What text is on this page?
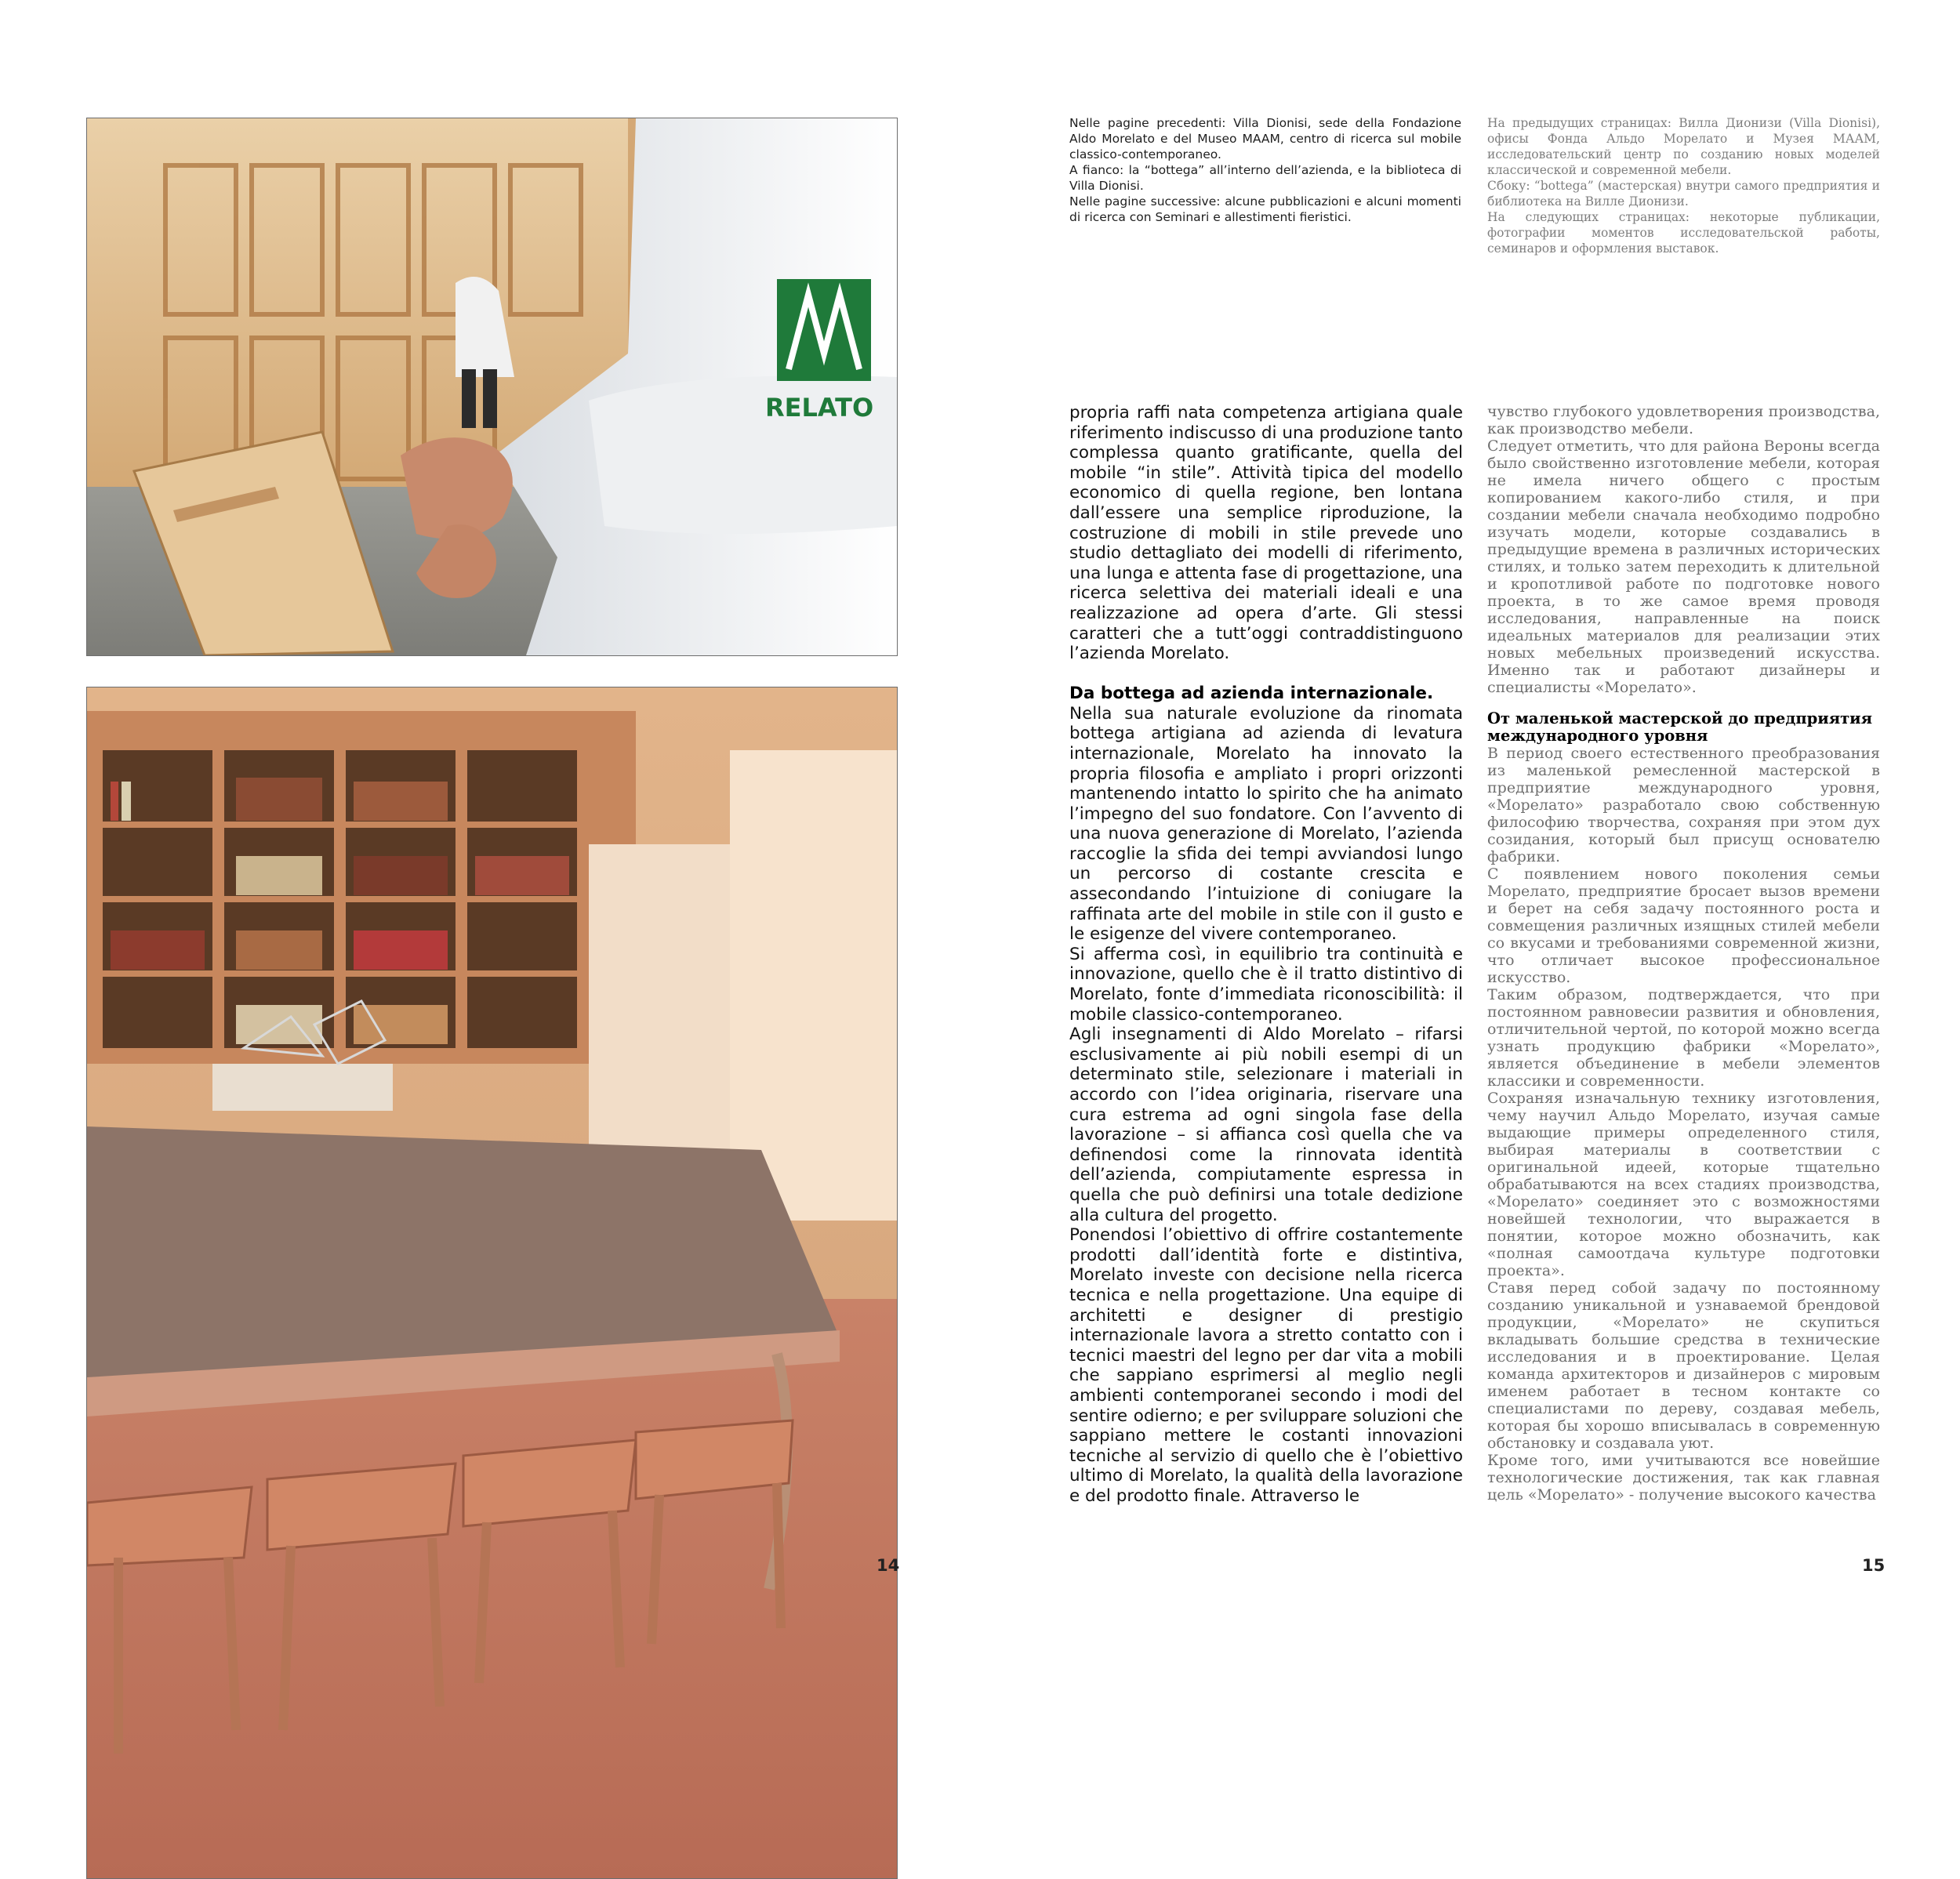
RELATO

Nelle pagine precedenti: Villa Dionisi, sede della Fondazione Aldo Morelato e del Museo MAAM, centro di ricerca sul mobile classico-contemporaneo.

A fianco: la “bottega” all’interno dell’azienda, e la biblioteca di Villa Dionisi.

Nelle pagine successive: alcune pubblicazioni e alcuni momenti di ricerca con Seminari e allestimenti fieristici.

На предыдущих страницах: Вилла Дионизи (Villa Dionisi), офисы Фонда Альдо Морелато и Музея МААМ, исследовательский центр по созданию новых моделей классической и современной мебели.

Сбоку: “bottega” (мастерская) внутри самого предприятия и библиотека на Вилле Дионизи.

На следующих страницах: некоторые публикации, фотографии моментов исследовательской работы, семинаров и оформления выставок.

propria raffi nata competenza artigiana quale riferimento indiscusso di una produzione tanto complessa quanto gratificante, quella del mobile “in stile”. Attività tipica del modello economico di quella regione, ben lontana dall’essere una semplice riproduzione, la costruzione di mobili in stile prevede uno studio dettagliato dei modelli di riferimento, una lunga e attenta fase di progettazione, una ricerca selettiva dei materiali ideali e una realizzazione ad opera d’arte. Gli stessi caratteri che a tutt’oggi contraddistinguono l’azienda Morelato.

Da bottega ad azienda internazionale.

Nella sua naturale evoluzione da rinomata bottega artigiana ad azienda di levatura internazionale, Morelato ha innovato la propria filosofia e ampliato i propri orizzonti mantenendo intatto lo spirito che ha animato l’impegno del suo fondatore. Con l’avvento di una nuova generazione di Morelato, l’azienda raccoglie la sfida dei tempi avviandosi lungo un percorso di costante crescita e assecondando l’intuizione di coniugare la raffinata arte del mobile in stile con il gusto e le esigenze del vivere contemporaneo.

Si afferma così, in equilibrio tra continuità e innovazione, quello che è il tratto distintivo di Morelato, fonte d’immediata riconoscibilità: il mobile classico-contemporaneo.

Agli insegnamenti di Aldo Morelato – rifarsi esclusivamente ai più nobili esempi di un determinato stile, selezionare i materiali in accordo con l’idea originaria, riservare una cura estrema ad ogni singola fase della lavorazione – si affianca così quella che va definendosi come la rinnovata identità dell’azienda, compiutamente espressa in quella che può definirsi una totale dedizione alla cultura del progetto.

Ponendosi l’obiettivo di offrire costantemente prodotti dall’identità forte e distintiva, Morelato investe con decisione nella ricerca tecnica e nella progettazione. Una equipe di architetti e designer di prestigio internazionale lavora a stretto contatto con i tecnici maestri del legno per dar vita a mobili che sappiano esprimersi al meglio negli ambienti contemporanei secondo i modi del sentire odierno; e per sviluppare soluzioni che sappiano mettere le costanti innovazioni tecniche al servizio di quello che è l’obiettivo ultimo di Morelato, la qualità della lavorazione e del prodotto finale. Attraverso le

чувство глубокого удовлетворения производства, как производство мебели.

Следует отметить, что для района Вероны всегда было свойственно изготовление мебели, которая не имела ничего общего с простым копированием какого-либо стиля, и при создании мебели сначала необходимо подробно изучать модели, которые создавались в предыдущие времена в различных исторических стилях, и только затем переходить к длительной и кропотливой работе по подготовке нового проекта, в то же самое время проводя исследования, направленные на поиск идеальных материалов для реализации этих новых мебельных произведений искусства. Именно так и работают дизайнеры и специалисты «Морелато».

От маленькой мастерской до предприятия международного уровня

В период своего естественного преобразования из маленькой ремесленной мастерской в предприятие международного уровня, «Морелато» разработало свою собственную философию творчества, сохраняя при этом дух созидания, который был присущ основателю фабрики.

С появлением нового поколения семьи Морелато, предприятие бросает вызов времени и берет на себя задачу постоянного роста и совмещения различных изящных стилей мебели со вкусами и требованиями современной жизни, что отличает высокое профессиональное искусство.

Таким образом, подтверждается, что при постоянном равновесии развития и обновления, отличительной чертой, по которой можно всегда узнать продукцию фабрики «Морелато», является объединение в мебели элементов классики и современности.

Сохраняя изначальную технику изготовления, чему научил Альдо Морелато, изучая самые выдающие примеры определенного стиля, выбирая материалы в соответствии с оригинальной идеей, которые тщательно обрабатываются на всех стадиях производства, «Морелато» соединяет это с возможностями новейшей технологии, что выражается в понятии, которое можно обозначить, как «полная самоотдача культуре подготовки проекта».

Ставя перед собой задачу по постоянному созданию уникальной и узнаваемой брендовой продукции, «Морелато» не скупиться вкладывать большие средства в технические исследования и в проектирование. Целая команда архитекторов и дизайнеров с мировым именем работает в тесном контакте со специалистами по дереву, создавая мебель, которая бы хорошо вписывалась в современную обстановку и создавала уют.

Кроме того, ими учитываются все новейшие технологические достижения, так как главная цель «Морелато» - получение высокого качества

14	15
